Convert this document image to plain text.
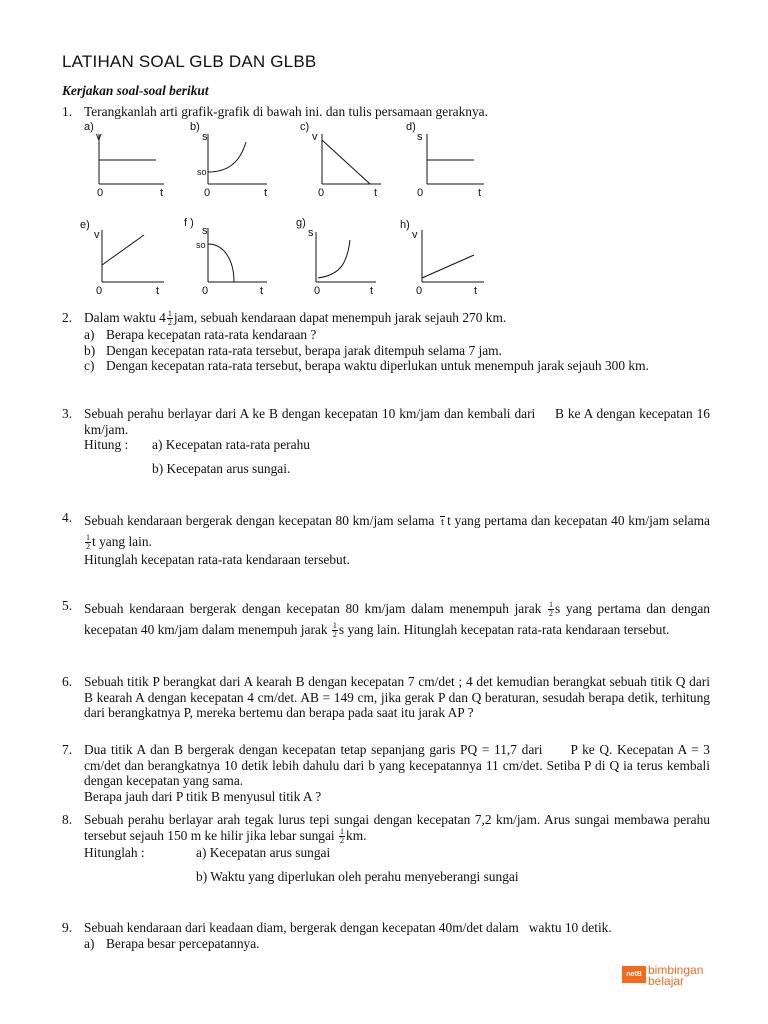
LATIHAN SOAL GLB DAN GLBB
Kerjakan soal-soal berikut
1. Terangkanlah arti grafik-grafik di bawah ini. dan tulis persamaan geraknya.
a)
v
0	t
b)
s
so
0	t
c)
v
0	t
d)
s
0	t
e)
v
0	t
f )
s
so
0	t
g)
s
0	t
h)
v
0	t
2. Dalam waktu $4 \frac{1}{2}$ jam, sebuah kendaraan dapat menempuh jarak sejauh 270 km.
a) Berapa kecepatan rata-rata kendaraan ?
b) Dengan kecepatan rata-rata tersebut, berapa jarak ditempuh selama 7 jam.
c) Dengan kecepatan rata-rata tersebut, berapa waktu diperlukan untuk menempuh jarak sejauh 300 km.
3. Sebuah perahu berlayar dari A ke B dengan kecepatan 10 km/jam dan kembali dari     B ke A dengan kecepatan 16 km/jam.
Hitung : a) Kecepatan rata-rata perahu
b) Kecepatan arus sungai.
4. Sebuah kendaraan bergerak dengan kecepatan 80 km/jam selama t t yang pertama dan kecepatan 40 km/jam selama
$\frac{1}{2}$ t yang lain.
Hitunglah kecepatan rata-rata kendaraan tersebut.
5. Sebuah kendaraan bergerak dengan kecepatan 80 km/jam dalam menempuh jarak $\frac{1}{2}$ s yang pertama dan dengan kecepatan 40 km/jam dalam menempuh jarak $\frac{1}{2}$ s yang lain. Hitunglah kecepatan rata-rata kendaraan tersebut.
6. Sebuah titik P berangkat dari A kearah B dengan kecepatan 7 cm/det ; 4 det kemudian berangkat sebuah titik Q dari B kearah A dengan kecepatan 4 cm/det. AB = 149 cm, jika gerak P dan Q beraturan, sesudah berapa detik, terhitung dari berangkatnya P, mereka bertemu dan berapa pada saat itu jarak AP ?
7. Dua titik A dan B bergerak dengan kecepatan tetap sepanjang garis PQ = 11,7 dari      P ke Q. Kecepatan A = 3 cm/det dan berangkatnya 10 detik lebih dahulu dari b yang kecepatannya 11 cm/det. Setiba P di Q ia terus kembali dengan kecepatan yang sama.
Berapa jauh dari P titik B menyusul titik A ?
8. Sebuah perahu berlayar arah tegak lurus tepi sungai dengan kecepatan 7,2 km/jam. Arus sungai membawa perahu tersebut sejauh 150 m ke hilir jika lebar sungai $\frac{1}{2}$ km.
Hitunglah :	a) Kecepatan arus sungai
b) Waktu yang diperlukan oleh perahu menyeberangi sungai
9. Sebuah kendaraan dari keadaan diam, bergerak dengan kecepatan 40m/det dalam   waktu 10 detik.
a) Berapa besar percepatannya.
netB bimbingan
belajar
